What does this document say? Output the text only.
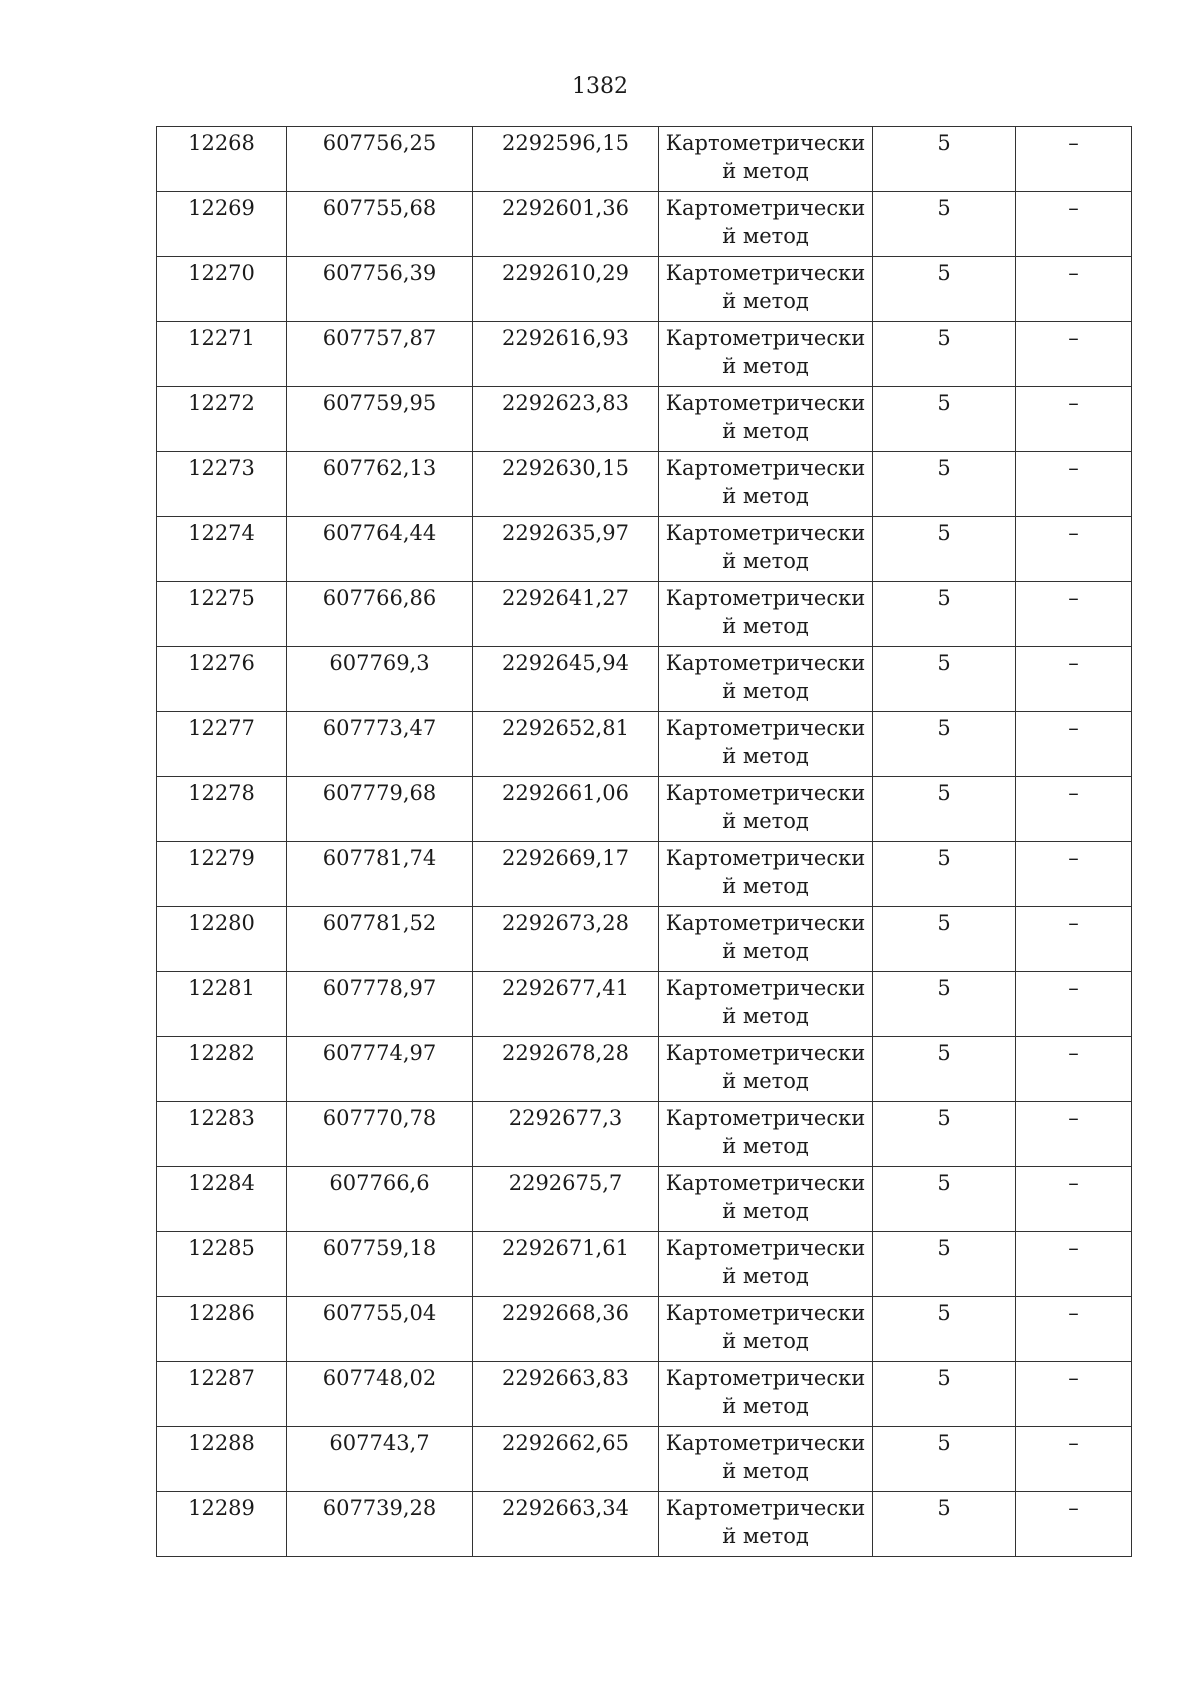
1382
12268	607756,25	2292596,15	Картометрически
й метод	5	–
12269	607755,68	2292601,36	Картометрически
й метод	5	–
12270	607756,39	2292610,29	Картометрически
й метод	5	–
12271	607757,87	2292616,93	Картометрически
й метод	5	–
12272	607759,95	2292623,83	Картометрически
й метод	5	–
12273	607762,13	2292630,15	Картометрически
й метод	5	–
12274	607764,44	2292635,97	Картометрически
й метод	5	–
12275	607766,86	2292641,27	Картометрически
й метод	5	–
12276	607769,3	2292645,94	Картометрически
й метод	5	–
12277	607773,47	2292652,81	Картометрически
й метод	5	–
12278	607779,68	2292661,06	Картометрически
й метод	5	–
12279	607781,74	2292669,17	Картометрически
й метод	5	–
12280	607781,52	2292673,28	Картометрически
й метод	5	–
12281	607778,97	2292677,41	Картометрически
й метод	5	–
12282	607774,97	2292678,28	Картометрически
й метод	5	–
12283	607770,78	2292677,3	Картометрически
й метод	5	–
12284	607766,6	2292675,7	Картометрически
й метод	5	–
12285	607759,18	2292671,61	Картометрически
й метод	5	–
12286	607755,04	2292668,36	Картометрически
й метод	5	–
12287	607748,02	2292663,83	Картометрически
й метод	5	–
12288	607743,7	2292662,65	Картометрически
й метод	5	–
12289	607739,28	2292663,34	Картометрически
й метод	5	–
